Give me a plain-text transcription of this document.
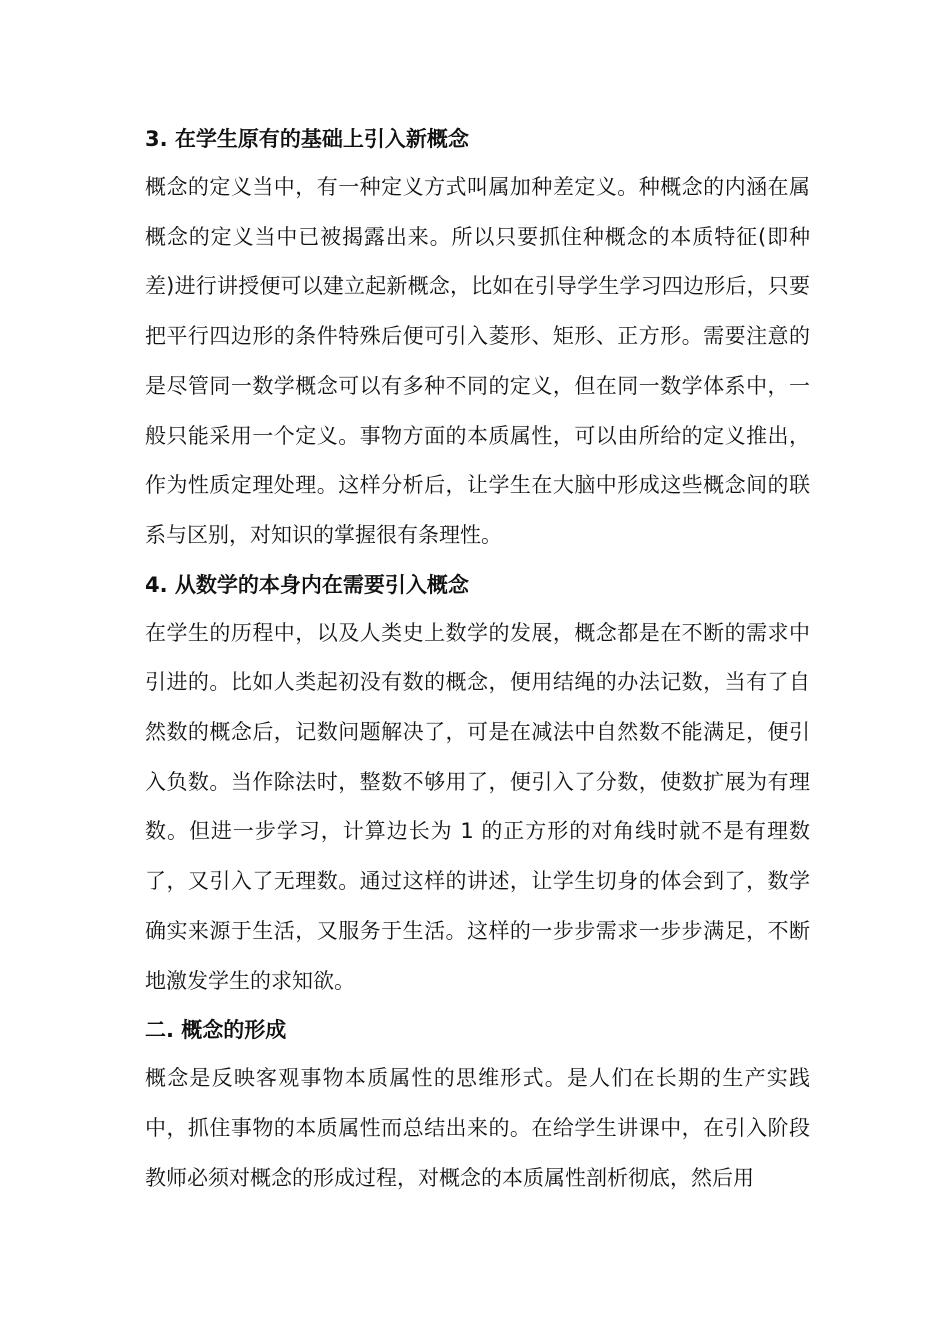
3. 在学生原有的基础上引入新概念

概念的定义当中，有一种定义方式叫属加种差定义。种概念的内涵在属概念的定义当中已被揭露出来。所以只要抓住种概念的本质特征(即种差)进行讲授便可以建立起新概念，比如在引导学生学习四边形后，只要把平行四边形的条件特殊后便可引入菱形、矩形、正方形。需要注意的是尽管同一数学概念可以有多种不同的定义，但在同一数学体系中，一般只能采用一个定义。事物方面的本质属性，可以由所给的定义推出，作为性质定理处理。这样分析后，让学生在大脑中形成这些概念间的联系与区别，对知识的掌握很有条理性。

4. 从数学的本身内在需要引入概念

在学生的历程中，以及人类史上数学的发展，概念都是在不断的需求中引进的。比如人类起初没有数的概念，便用结绳的办法记数，当有了自然数的概念后，记数问题解决了，可是在减法中自然数不能满足，便引入负数。当作除法时，整数不够用了，便引入了分数，使数扩展为有理数。但进一步学习，计算边长为 1 的正方形的对角线时就不是有理数了，又引入了无理数。通过这样的讲述，让学生切身的体会到了，数学确实来源于生活，又服务于生活。这样的一步步需求一步步满足，不断地激发学生的求知欲。

二. 概念的形成

概念是反映客观事物本质属性的思维形式。是人们在长期的生产实践中，抓住事物的本质属性而总结出来的。在给学生讲课中，在引入阶段教师必须对概念的形成过程，对概念的本质属性剖析彻底，然后用
